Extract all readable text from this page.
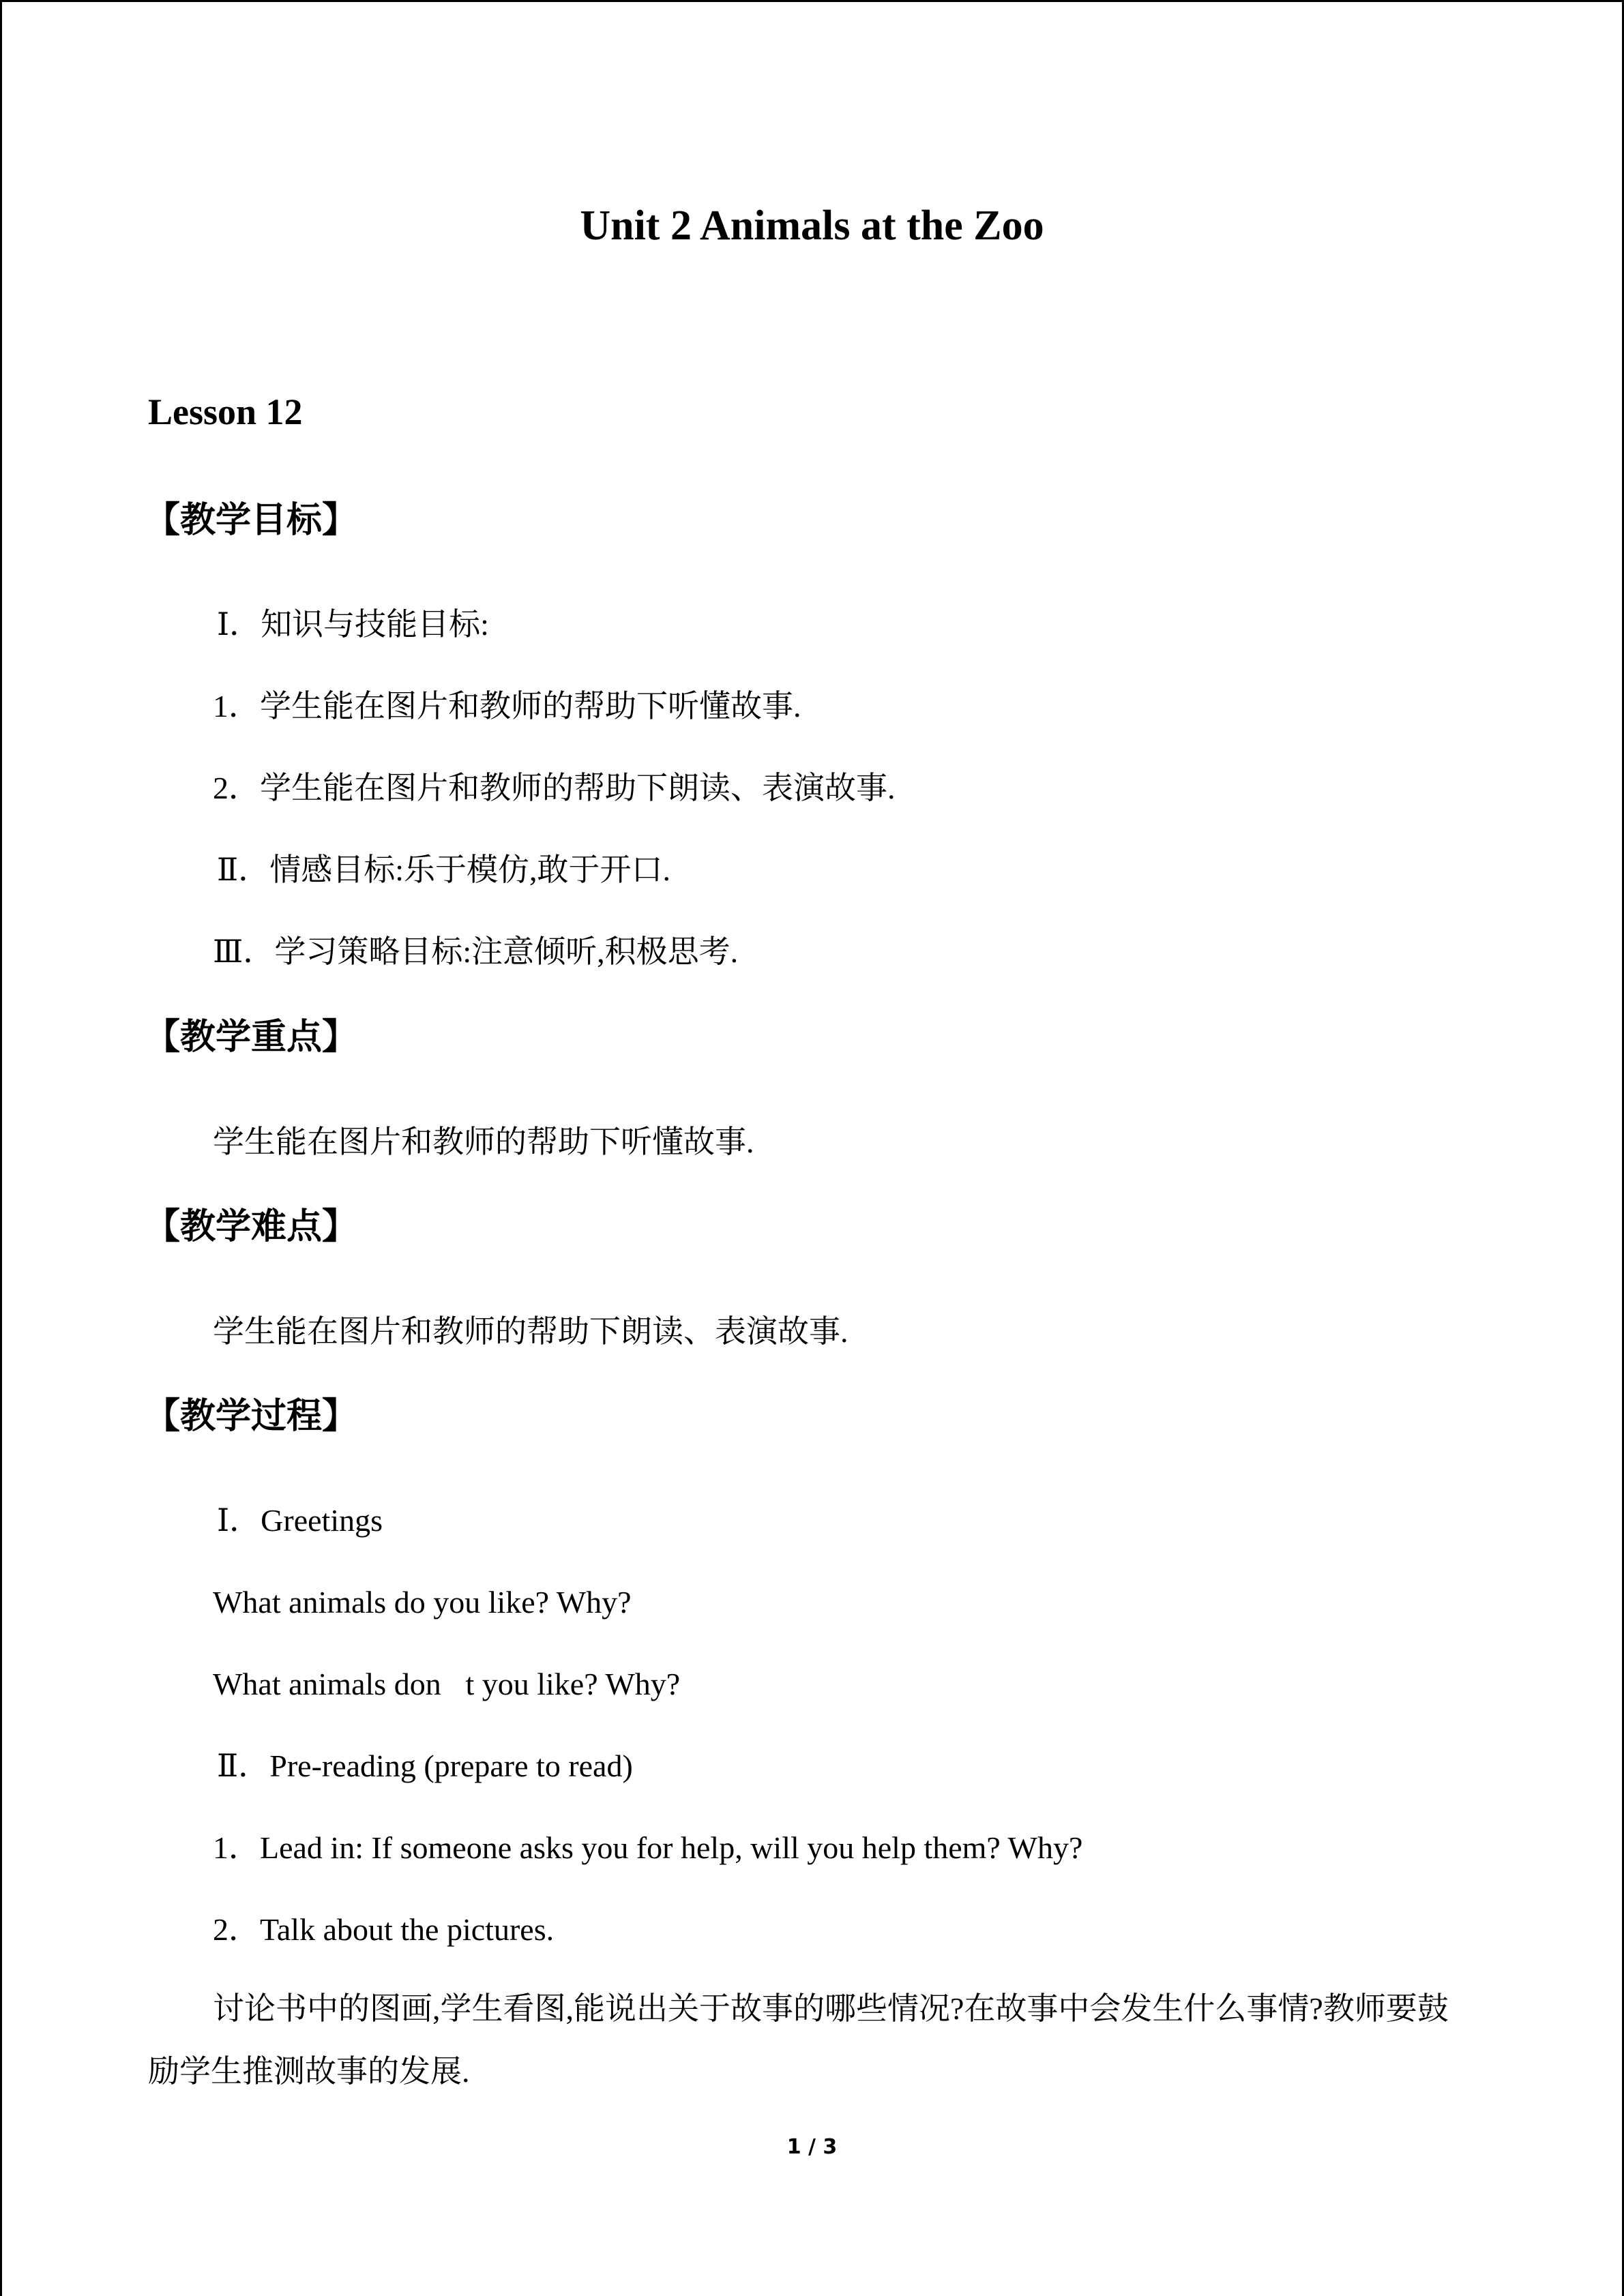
Unit 2 Animals at the Zoo
Lesson 12
【教学目标】
Ⅰ．知识与技能目标:
1．学生能在图片和教师的帮助下听懂故事.
2．学生能在图片和教师的帮助下朗读、表演故事.
Ⅱ．情感目标:乐于模仿,敢于开口.
Ⅲ．学习策略目标:注意倾听,积极思考.
【教学重点】
学生能在图片和教师的帮助下听懂故事.
【教学难点】
学生能在图片和教师的帮助下朗读、表演故事.
【教学过程】
Ⅰ．Greetings
What animals do you like? Why?
What animals don t you like? Why?
Ⅱ．Pre-reading (prepare to read)
1．Lead in: If someone asks you for help, will you help them? Why?
2．Talk about the pictures.
讨论书中的图画,学生看图,能说出关于故事的哪些情况?在故事中会发生什么事情?教师要鼓励学生推测故事的发展.
1 / 3
